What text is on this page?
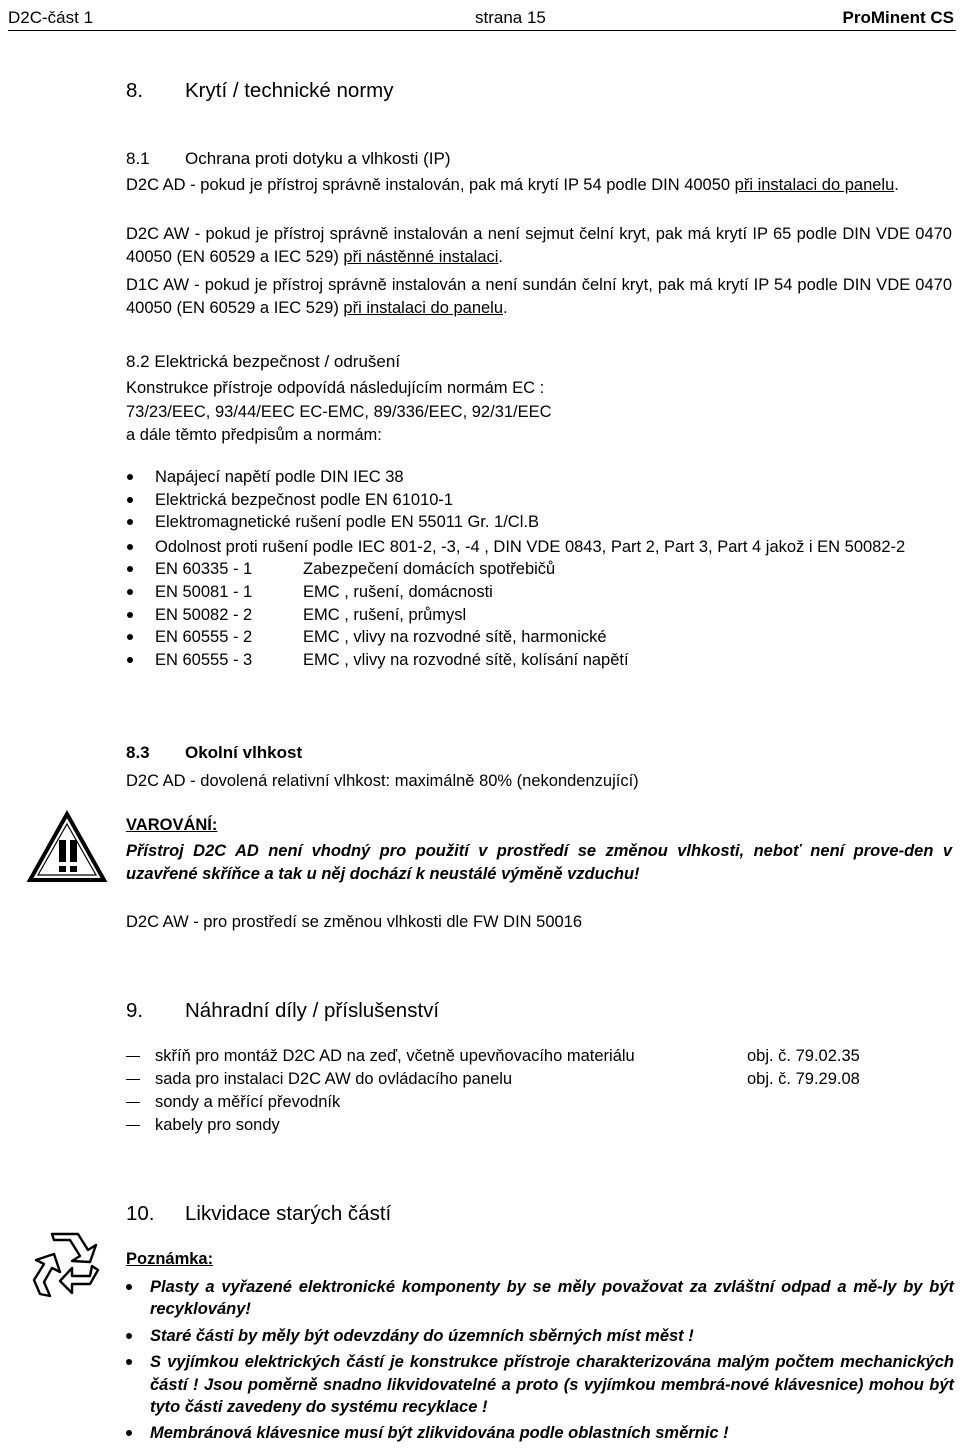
D2C-část 1	strana 15	ProMinent CS
8. Krytí / technické normy
8.1 Ochrana proti dotyku a vlhkosti (IP)
D2C AD - pokud je přístroj správně instalován, pak má krytí IP 54 podle DIN 40050 při instalaci do panelu.
D2C AW - pokud je přístroj správně instalován a není sejmut čelní kryt, pak má krytí IP 65 podle DIN VDE 0470 40050 (EN 60529 a IEC 529) při nástěnné instalaci.
D1C AW - pokud je přístroj správně instalován a není sundán čelní kryt, pak má krytí IP 54 podle DIN VDE 0470 40050 (EN 60529 a IEC 529) při instalaci do panelu.
8.2 Elektrická bezpečnost / odrušení
Konstrukce přístroje odpovídá následujícím normám EC :
73/23/EEC, 93/44/EEC EC-EMC, 89/336/EEC, 92/31/EEC
a dále těmto předpisům a normám:
Napájecí napětí podle DIN IEC 38
Elektrická bezpečnost podle EN 61010-1
Elektromagnetické rušení podle EN 55011 Gr. 1/Cl.B
Odolnost proti rušení podle IEC 801-2, -3, -4 , DIN VDE 0843, Part 2, Part 3, Part 4 jakož i EN 50082-2
EN 60335 - 1	Zabezpečení domácích spotřebičů
EN 50081 - 1	EMC , rušení, domácnosti
EN 50082 - 2	EMC , rušení, průmysl
EN 60555 - 2	EMC , vlivy na rozvodné sítě, harmonické
EN 60555 - 3	EMC , vlivy na rozvodné sítě, kolísání napětí
8.3 Okolní vlhkost
D2C AD - dovolená relativní vlhkost: maximálně 80% (nekondenzující)
VAROVÁNÍ:
Přístroj D2C AD není vhodný pro použití v prostředí se změnou vlhkosti, neboť není prove-den v uzavřené skříňce a tak u něj dochází k neustálé výměně vzduchu!
D2C AW - pro prostředí se změnou vlhkosti dle FW DIN 50016
9. Náhradní díly / příslušenství
skříň pro montáž D2C AD na zeď, včetně upevňovacího materiálu	obj. č. 79.02.35
sada pro instalaci D2C AW do ovládacího panelu	obj. č. 79.29.08
sondy a měřící převodník
kabely pro sondy
10. Likvidace starých částí
Poznámka:
Plasty a vyřazené elektronické komponenty by se měly považovat za zvláštní odpad a mě-ly by být recyklovány!
Staré části by měly být odevzdány do územních sběrných míst měst !
S vyjímkou elektrických částí je konstrukce přístroje charakterizována malým počtem mechanických částí ! Jsou poměrně snadno likvidovatelné a proto (s vyjímkou membrá-nové klávesnice) mohou být tyto části zavedeny do systému recyklace !
Membránová klávesnice musí být zlikvidována podle oblastních směrnic !
